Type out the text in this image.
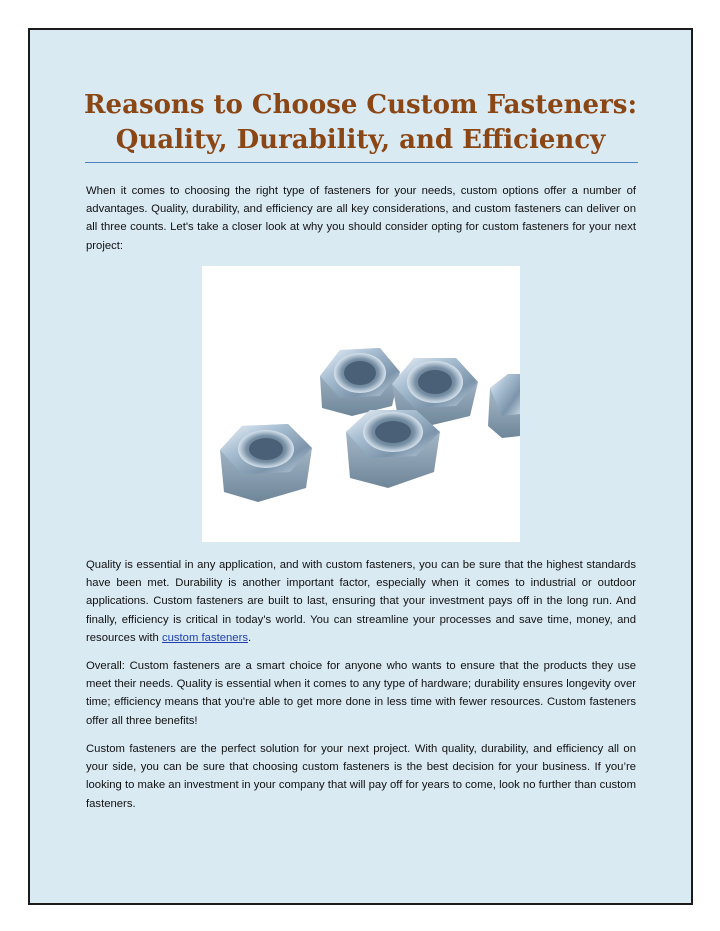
Reasons to Choose Custom Fasteners:
Quality, Durability, and Efficiency

When it comes to choosing the right type of fasteners for your needs, custom options offer a number of advantages. Quality, durability, and efficiency are all key considerations, and custom fasteners can deliver on all three counts. Let's take a closer look at why you should consider opting for custom fasteners for your next project:

Quality is essential in any application, and with custom fasteners, you can be sure that the highest standards have been met. Durability is another important factor, especially when it comes to industrial or outdoor applications. Custom fasteners are built to last, ensuring that your investment pays off in the long run. And finally, efficiency is critical in today's world. You can streamline your processes and save time, money, and resources with custom fasteners.

Overall: Custom fasteners are a smart choice for anyone who wants to ensure that the products they use meet their needs. Quality is essential when it comes to any type of hardware; durability ensures longevity over time; efficiency means that you're able to get more done in less time with fewer resources. Custom fasteners offer all three benefits!

Custom fasteners are the perfect solution for your next project. With quality, durability, and efficiency all on your side, you can be sure that choosing custom fasteners is the best decision for your business. If you’re looking to make an investment in your company that will pay off for years to come, look no further than custom fasteners.
